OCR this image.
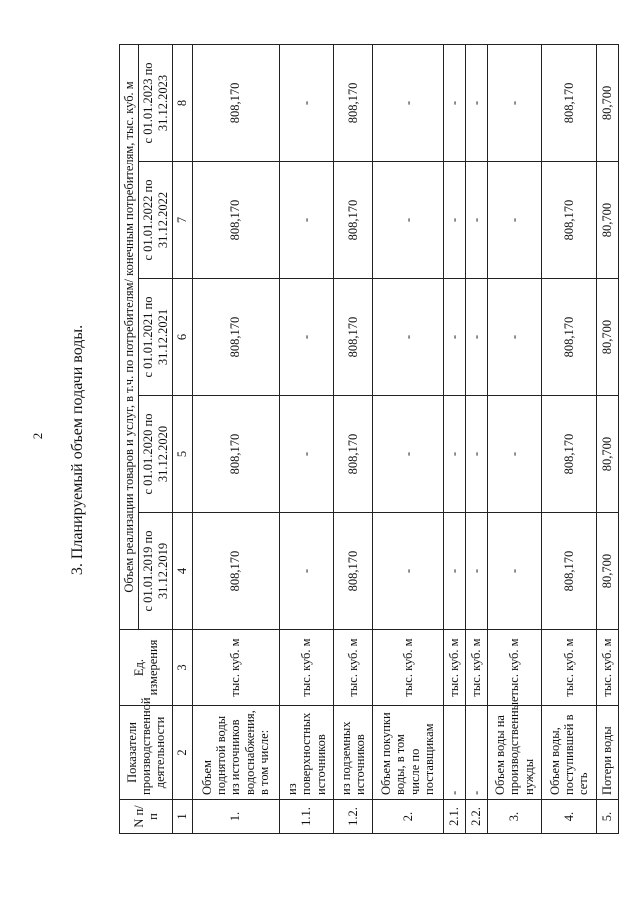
2	3. Планируемый объем подачи воды.
N п/п	Показатели производственной деятельности	Ед. измерения	Объем реализации товаров и услуг, в т.ч. по потребителям/ конечным потребителям, тыс. куб. м				
			с 01.01.2019 по 31.12.2019	с 01.01.2020 по 31.12.2020	с 01.01.2021 по 31.12.2021	с 01.01.2022 по 31.12.2022	с 01.01.2023 по 31.12.2023
1	2	3	4	5	6	7	8
1.	Объем поднятой воды из источников водоснабжения, в том числе:	тыс. куб. м	808,170	808,170	808,170	808,170	808,170
1.1.	из поверхностных источников	тыс. куб. м	-	-	-	-	-
1.2.	из подземных источников	тыс. куб. м	808,170	808,170	808,170	808,170	808,170
2.	Объем покупки воды, в том числе по поставщикам	тыс. куб. м	-	-	-	-	-
2.1.	-	тыс. куб. м	-	-	-	-	-
2.2.	-	тыс. куб. м	-	-	-	-	-
3.	Объем воды на производственные нужды	тыс. куб. м	-	-	-	-	-
4.	Объем воды, поступившей в сеть	тыс. куб. м	808,170	808,170	808,170	808,170	808,170
5.	Потери воды	тыс. куб. м	80,700	80,700	80,700	80,700	80,700
